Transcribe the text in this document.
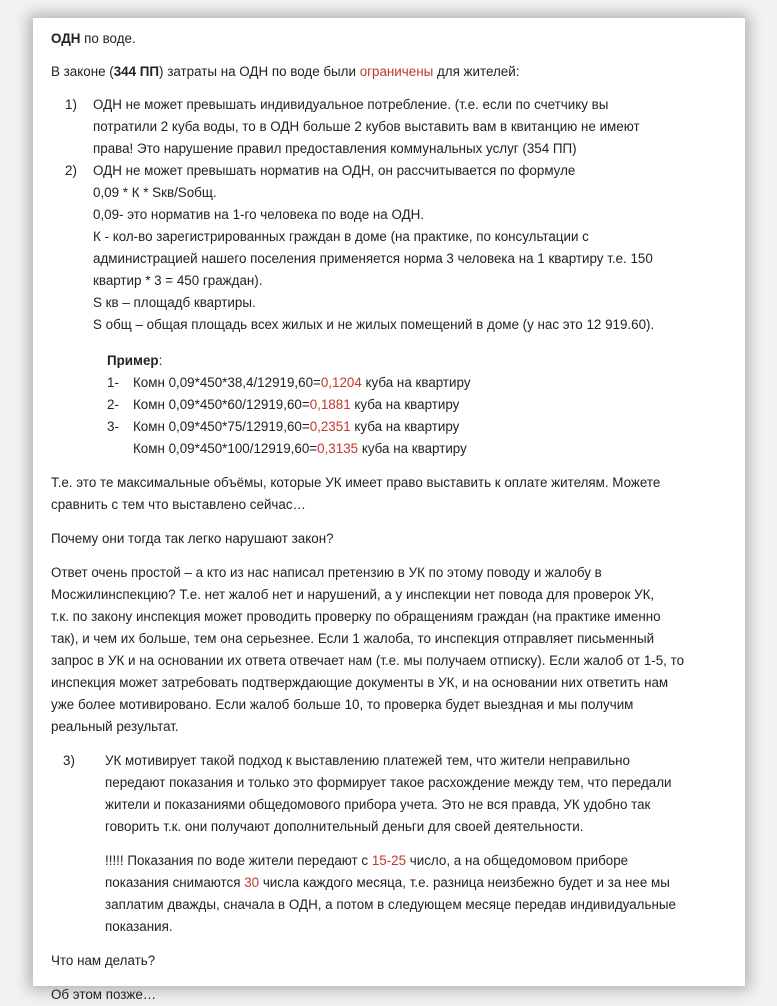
ОДН по воде.

В законе (344 ПП) затраты на ОДН по воде были ограничены для жителей:

1)	ОДН не может превышать индивидуальное потребление. (т.е. если по счетчику вы

потратили 2 куба воды, то в ОДН больше 2 кубов выставить вам в квитанцию не имеют

права! Это нарушение правил предоставления коммунальных услуг (354 ПП)

2)	ОДН не может превышать норматив на ОДН, он рассчитывается по формуле

0,09 * К * Sкв/Sобщ.

0,09- это норматив на 1-го человека по воде на ОДН.

К - кол-во зарегистрированных граждан в доме (на практике, по консультации с

администрацией нашего поселения применяется норма 3 человека на 1 квартиру т.е. 150

квартир * 3 = 450 граждан).

S кв – площадб квартиры.

S общ – общая площадь всех жилых и не жилых помещений в доме (у нас это 12 919.60).

Пример:

1-	Комн 0,09*450*38,4/12919,60=0,1204 куба на квартиру
2-	Комн 0,09*450*60/12919,60=0,1881 куба на квартиру
3-	Комн 0,09*450*75/12919,60=0,2351 куба на квартиру

Комн 0,09*450*100/12919,60=0,3135 куба на квартиру

Т.е. это те максимальные объёмы, которые УК имеет право выставить к оплате жителям. Можете

сравнить с тем что выставлено сейчас…

Почему они тогда так легко нарушают закон?

Ответ очень простой – а кто из нас написал претензию в УК по этому поводу и жалобу в

Мосжилинспекцию? Т.е. нет жалоб нет и нарушений, а у инспекции нет повода для проверок УК,

т.к. по закону инспекция может проводить проверку по обращениям граждан (на практике именно

так), и чем их больше, тем она серьезнее. Если 1 жалоба, то инспекция отправляет письменный

запрос в УК и на основании их ответа отвечает нам (т.е. мы получаем отписку). Если жалоб от 1-5, то

инспекция может затребовать подтверждающие документы в УК, и на основании них ответить нам

уже более мотивировано. Если жалоб больше 10, то проверка будет выездная и мы получим

реальный результат.

3)	УК мотивирует такой подход к выставлению платежей тем, что жители неправильно

передают показания и только это формирует такое расхождение между тем, что передали

жители и показаниями общедомового прибора учета. Это не вся правда, УК удобно так

говорить т.к. они получают дополнительный деньги для своей деятельности.

!!!!! Показания по воде жители передают с 15-25 число, а на общедомовом приборе

показания снимаются 30 числа каждого месяца, т.е. разница неизбежно будет и за нее мы

заплатим дважды, сначала в ОДН, а потом в следующем месяце передав индивидуальные

показания.

Что нам делать?

Об этом позже…
